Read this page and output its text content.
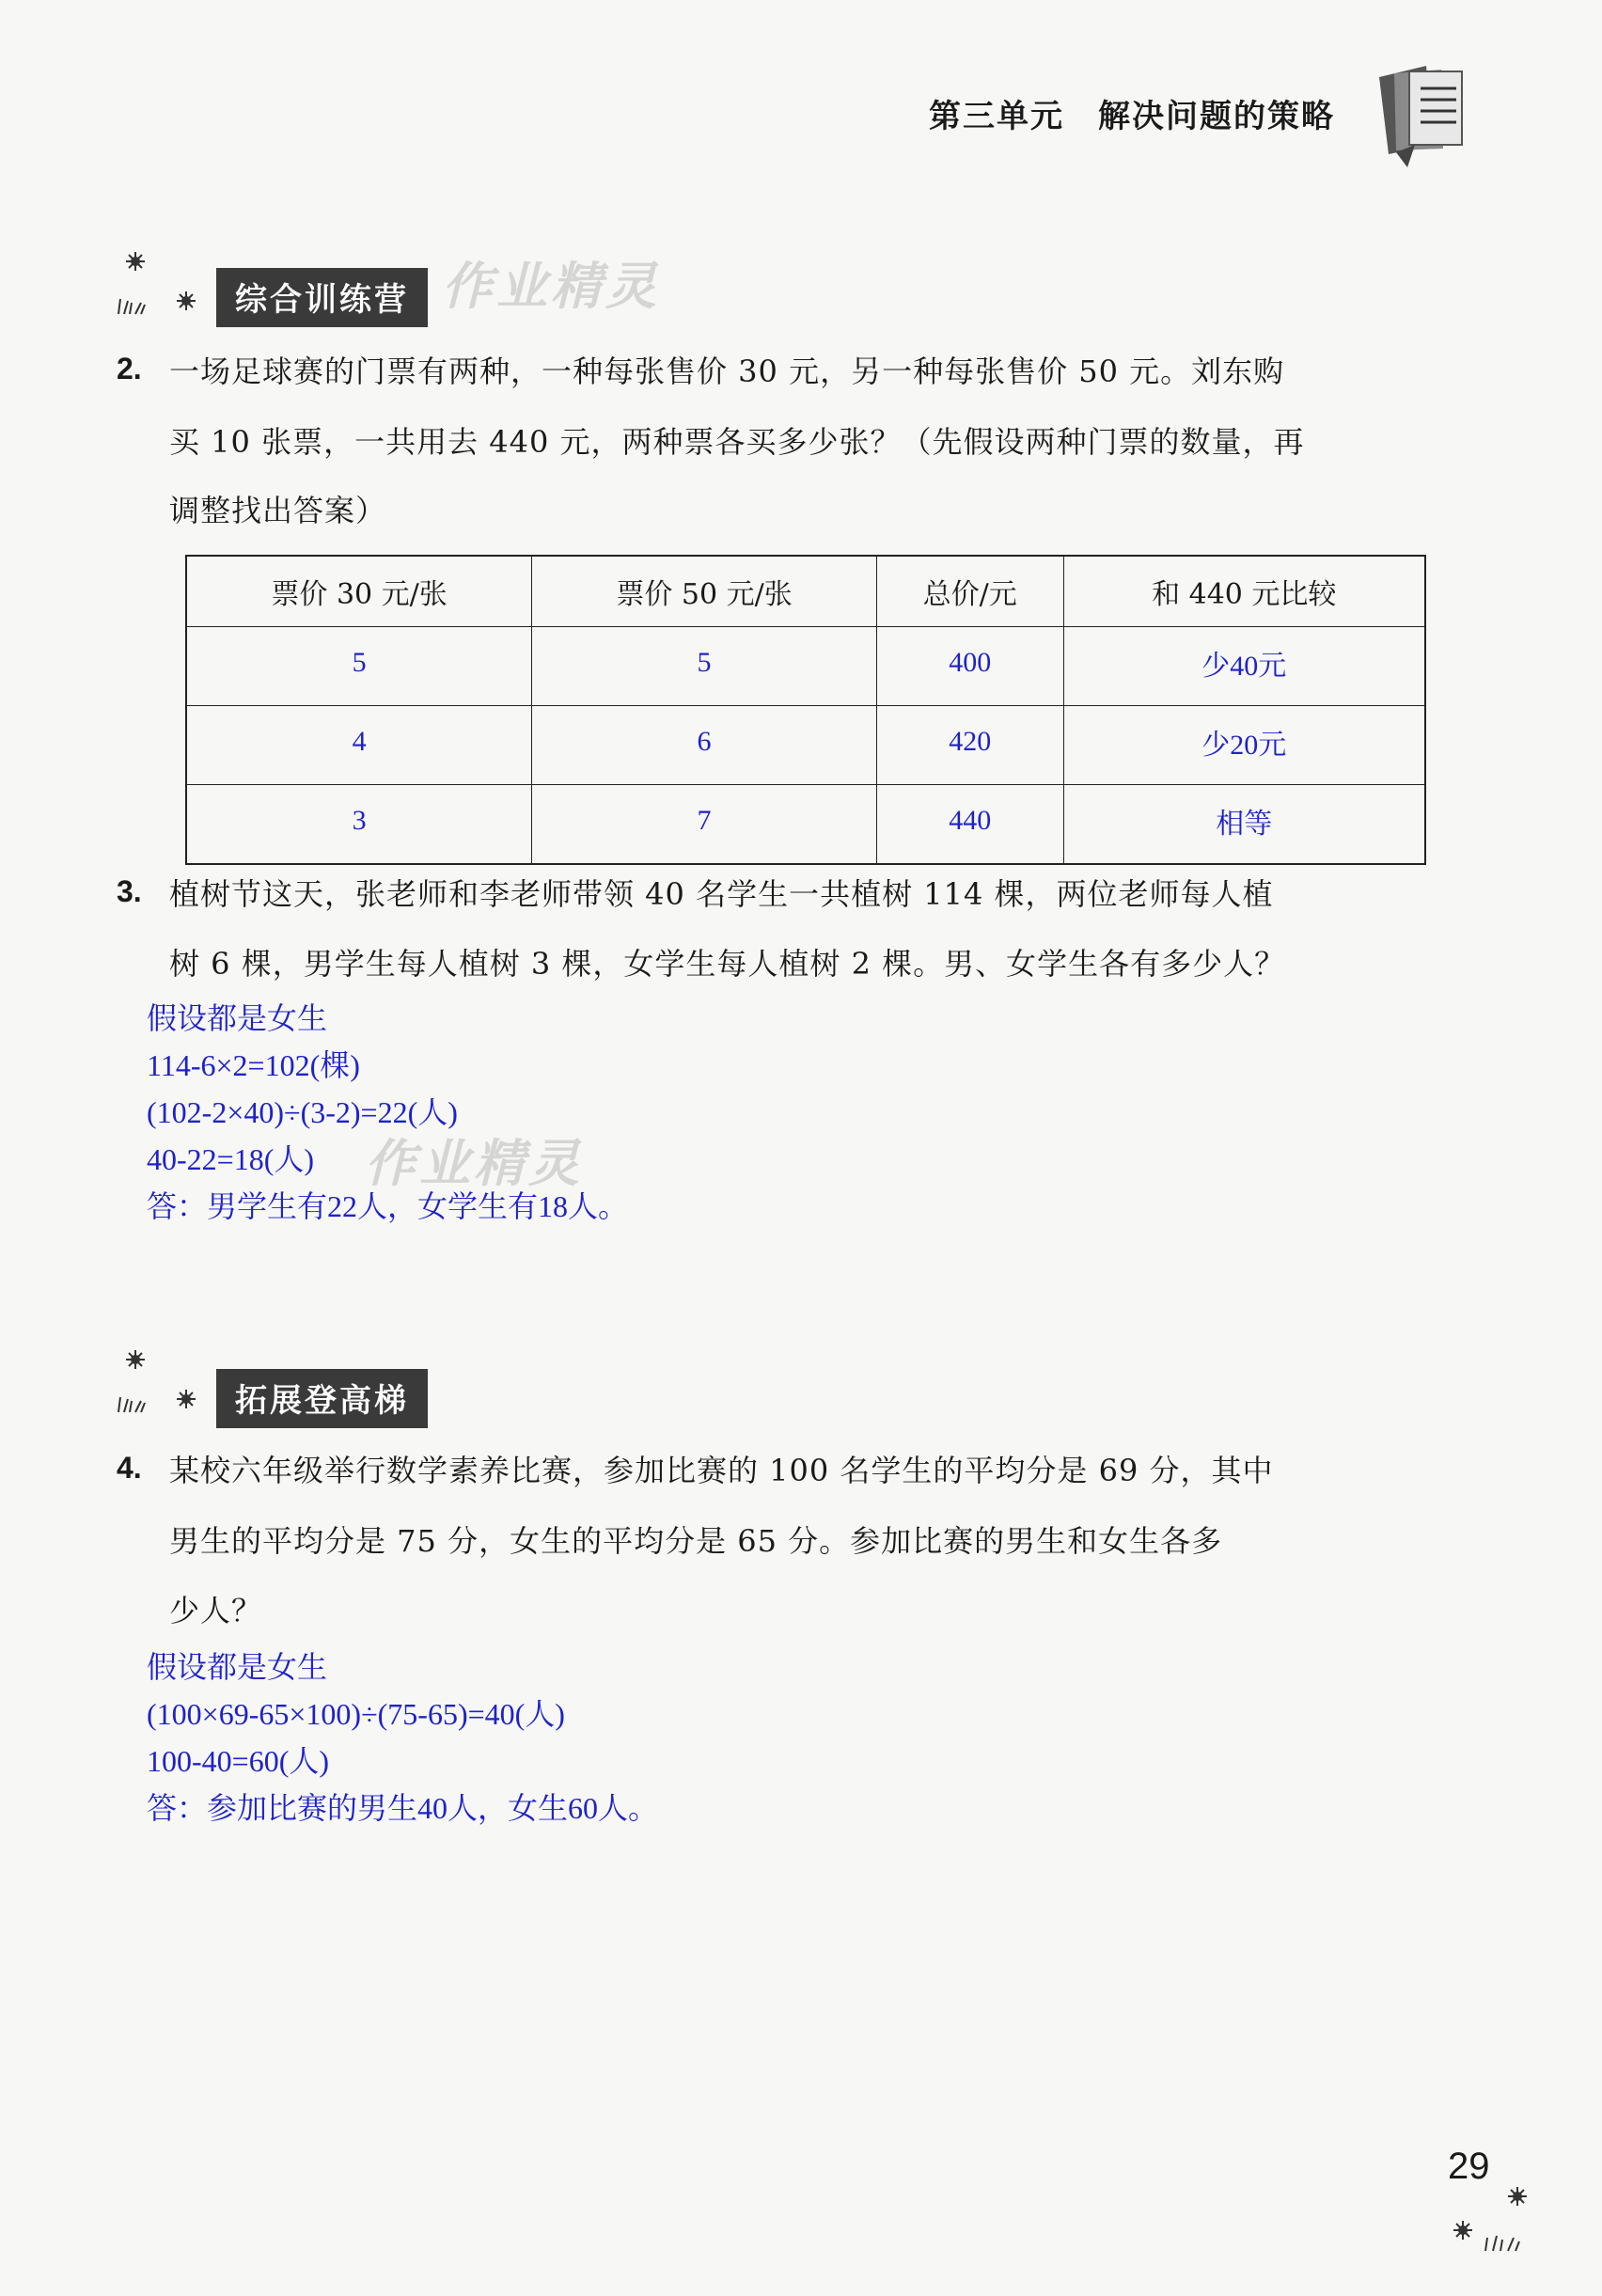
第三单元 解决问题的策略
综合训练营 作业精灵
2. 一场足球赛的门票有两种，一种每张售价 30 元，另一种每张售价 50 元。刘东购
买 10 张票，一共用去 440 元，两种票各买多少张？（先假设两种门票的数量，再
调整找出答案）
票价 30 元/张	票价 50 元/张	总价/元	和 440 元比较
5	5	400	少40元
4	6	420	少20元
3	7	440	相等
3. 植树节这天，张老师和李老师带领 40 名学生一共植树 114 棵，两位老师每人植
树 6 棵，男学生每人植树 3 棵，女学生每人植树 2 棵。男、女学生各有多少人？
假设都是女生
114-6×2=102(棵)
(102-2×40)÷(3-2)=22(人)
40-22=18(人)
答：男学生有22人，女学生有18人。
作业精灵
拓展登高梯
4. 某校六年级举行数学素养比赛，参加比赛的 100 名学生的平均分是 69 分，其中
男生的平均分是 75 分，女生的平均分是 65 分。参加比赛的男生和女生各多
少人？
假设都是女生
(100×69-65×100)÷(75-65)=40(人)
100-40=60(人)
答：参加比赛的男生40人，女生60人。
29
